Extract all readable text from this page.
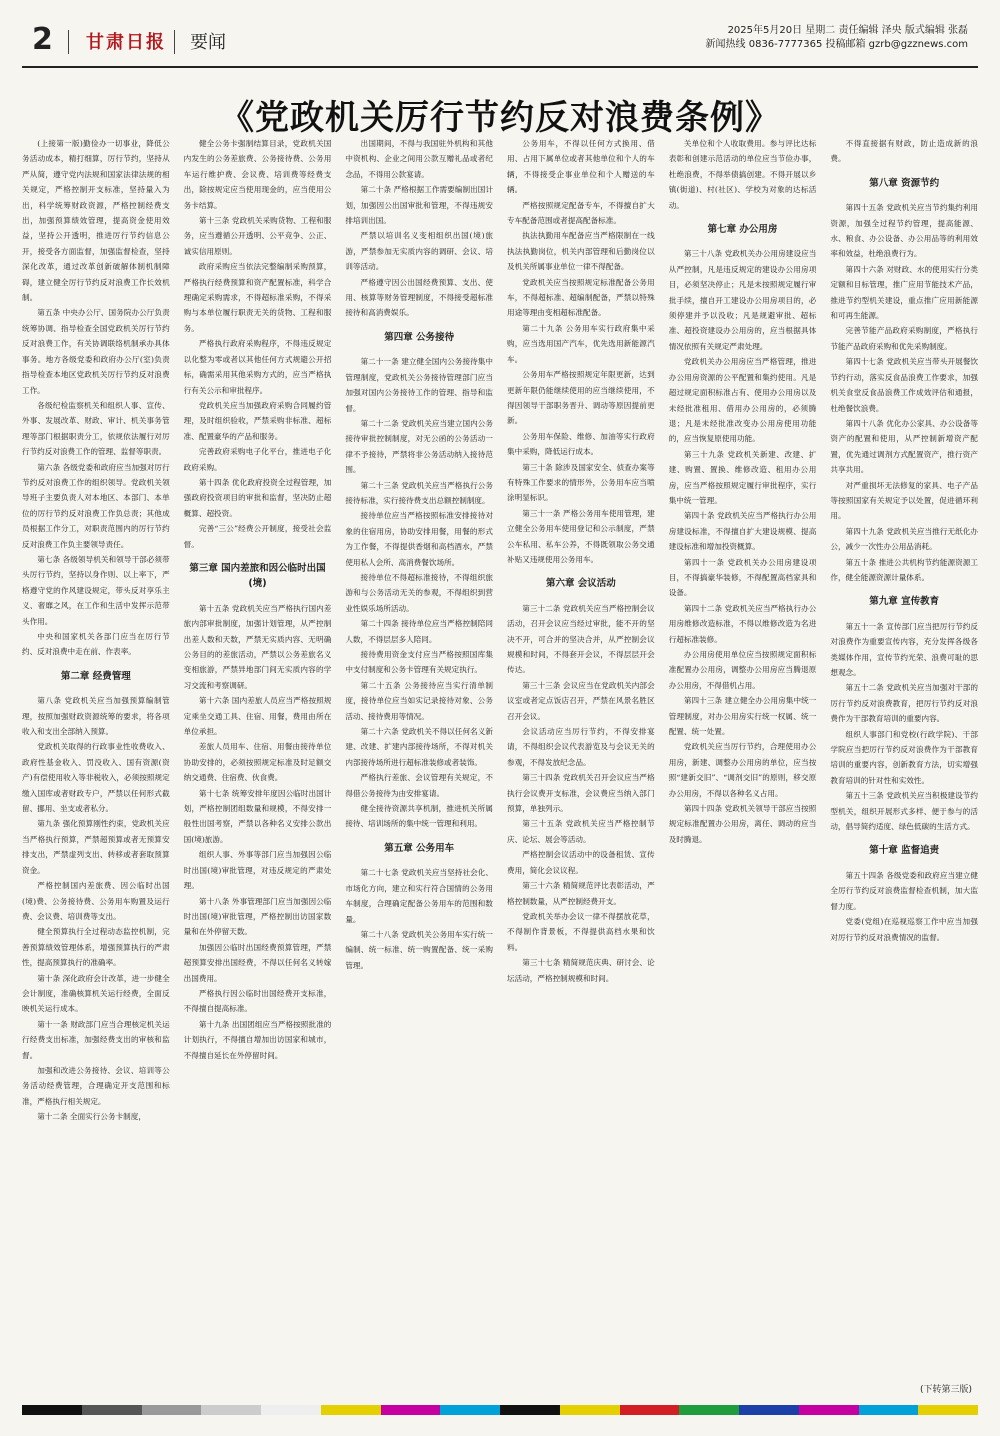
2 甘肃日报 要闻
2025年5月20日 星期二 责任编辑 泽央 版式编辑 张磊
新闻热线 0836-7777365 投稿邮箱 gzrb@gzznews.com
《党政机关厉行节约反对浪费条例》

(上接第一版)勤俭办一切事业，降低公务活动成本，精打细算，厉行节约，坚持从严从简，遵守党内法规和国家法律法规的相关规定，严格控制开支标准，坚持量入为出，科学统筹财政资源，严格控制经费支出，加强预算绩效管理，提高资金使用效益，坚持公开透明，推进厉行节约信息公开，接受各方面监督，加强监督检查，坚持深化改革，通过改革创新破解体制机制障碍，建立健全厉行节约反对浪费工作长效机制。

第五条 中央办公厅、国务院办公厅负责统筹协调、指导检查全国党政机关厉行节约反对浪费工作，有关协调联络机制承办具体事务。地方各级党委和政府办公厅(室)负责指导检查本地区党政机关厉行节约反对浪费工作。

各级纪检监察机关和组织人事、宣传、外事、发展改革、财政、审计、机关事务管理等部门根据职责分工，依规依法履行对厉行节约反对浪费工作的管理、监督等职责。

第六条 各级党委和政府应当加强对厉行节约反对浪费工作的组织领导。党政机关领导班子主要负责人对本地区、本部门、本单位的厉行节约反对浪费工作负总责；其他成员根据工作分工，对职责范围内的厉行节约反对浪费工作负主要领导责任。

第七条 各级领导机关和领导干部必须带头厉行节约，坚持以身作则、以上率下，严格遵守党的作风建设规定，带头反对享乐主义、奢靡之风，在工作和生活中发挥示范带头作用。

中央和国家机关各部门应当在厉行节约、反对浪费中走在前、作表率。

第二章 经费管理

第八条 党政机关应当加强预算编制管理，按照加强财政资源统筹的要求，将各项收入和支出全部纳入预算。

党政机关取得的行政事业性收费收入、政府性基金收入、罚没收入、国有资源(资产)有偿使用收入等非税收入，必须按照规定缴入国库或者财政专户，严禁以任何形式截留、挪用、坐支或者私分。

第九条 强化预算刚性约束，党政机关应当严格执行预算，严禁超预算或者无预算安排支出，严禁虚列支出、转移或者套取预算资金。

严格控制国内差旅费、因公临时出国(境)费、公务接待费、公务用车购置及运行费、会议费、培训费等支出。

健全预算执行全过程动态监控机制，完善预算绩效管理体系，增强预算执行的严肃性，提高预算执行的准确率。

第十条 深化政府会计改革，进一步健全会计制度，准确核算机关运行经费，全面反映机关运行成本。

第十一条 财政部门应当合理核定机关运行经费支出标准，加强经费支出的审核和监督。

加强和改进公务接待、会议、培训等公务活动经费管理，合理确定开支范围和标准，严格执行相关规定。

第十二条 全面实行公务卡制度，

健全公务卡强制结算目录，党政机关国内发生的公务差旅费、公务接待费、公务用车运行维护费、会议费、培训费等经费支出，除按规定应当使用现金的，应当使用公务卡结算。

第十三条 党政机关采购货物、工程和服务，应当遵循公开透明、公平竞争、公正、诚实信用原则。

政府采购应当依法完整编制采购预算，严格执行经费预算和资产配置标准，科学合理确定采购需求，不得超标准采购，不得采购与本单位履行职责无关的货物、工程和服务。

严格执行政府采购程序，不得违反规定以化整为零或者以其他任何方式规避公开招标，确需采用其他采购方式的，应当严格执行有关公示和审批程序。

党政机关应当加强政府采购合同履约管理，及时组织验收，严禁采购非标准、超标准、配置豪华的产品和服务。

完善政府采购电子化平台，推进电子化政府采购。

第十四条 优化政府投资全过程管理，加强政府投资项目的审批和监督，坚决防止超概算、超投资。

完善“三公”经费公开制度，接受社会监督。

第三章 国内差旅和因公临时出国(境)

第十五条 党政机关应当严格执行国内差旅内部审批制度，加强计划管理，从严控制出差人数和天数，严禁无实质内容、无明确公务目的的差旅活动，严禁以公务差旅名义变相旅游，严禁异地部门间无实质内容的学习交流和考察调研。

第十六条 国内差旅人员应当严格按照规定乘坐交通工具、住宿、用餐，费用由所在单位承担。

差旅人员用车、住宿、用餐由接待单位协助安排的，必须按照规定标准及时足额交纳交通费、住宿费、伙食费。

第十七条 统筹安排年度因公临时出国计划，严格控制团组数量和规模，不得安排一般性出国考察，严禁以各种名义安排公款出国(境)旅游。

组织人事、外事等部门应当加强因公临时出国(境)审批管理，对违反规定的严肃处理。

第十八条 外事管理部门应当加强因公临时出国(境)审批管理，严格控制出访国家数量和在外停留天数。

加强因公临时出国经费预算管理，严禁超预算安排出国经费，不得以任何名义转嫁出国费用。

严格执行因公临时出国经费开支标准，不得擅自提高标准。

第十九条 出国团组应当严格按照批准的计划执行，不得擅自增加出访国家和城市，不得擅自延长在外停留时间。

出国期间，不得与我国驻外机构和其他中资机构、企业之间用公款互赠礼品或者纪念品，不得用公款宴请。

第二十条 严格根据工作需要编制出国计划，加强因公出国审批和管理，不得违规安排培训出国。

严禁以培训名义变相组织出国(境)旅游，严禁参加无实质内容的调研、会议、培训等活动。

严格遵守因公出国经费预算、支出、使用、核算等财务管理制度，不得接受超标准接待和高消费娱乐。

第四章 公务接待

第二十一条 建立健全国内公务接待集中管理制度，党政机关公务接待管理部门应当加强对国内公务接待工作的管理、指导和监督。

第二十二条 党政机关应当建立国内公务接待审批控制制度，对无公函的公务活动一律不予接待，严禁将非公务活动纳入接待范围。

第二十三条 党政机关应当严格执行公务接待标准，实行接待费支出总额控制制度。

接待单位应当严格按照标准安排接待对象的住宿用房，协助安排用餐，用餐的形式为工作餐，不得提供香烟和高档酒水，严禁使用私人会所、高消费餐饮场所。

接待单位不得超标准接待，不得组织旅游和与公务活动无关的参观，不得组织到营业性娱乐场所活动。

第二十四条 接待单位应当严格控制陪同人数，不得层层多人陪同。

接待费用资金支付应当严格按照国库集中支付制度和公务卡管理有关规定执行。

第二十五条 公务接待应当实行清单制度，接待单位应当如实记录接待对象、公务活动、接待费用等情况。

第二十六条 党政机关不得以任何名义新建、改建、扩建内部接待场所，不得对机关内部接待场所进行超标准装修或者装饰。

严格执行差旅、会议管理有关规定，不得借公务接待为由安排宴请。

健全接待资源共享机制，推进机关所属接待、培训场所的集中统一管理和利用。

第五章 公务用车

第二十七条 党政机关应当坚持社会化、市场化方向，建立和实行符合国情的公务用车制度，合理确定配备公务用车的范围和数量。

第二十八条 党政机关公务用车实行统一编制、统一标准、统一购置配备、统一采购管理。

公务用车，不得以任何方式换用、借用、占用下属单位或者其他单位和个人的车辆，不得接受企事业单位和个人赠送的车辆。

严格按照规定配备专车，不得擅自扩大专车配备范围或者提高配备标准。

执法执勤用车配备应当严格限制在一线执法执勤岗位，机关内部管理和后勤岗位以及机关所属事业单位一律不得配备。

党政机关应当按照规定标准配备公务用车，不得超标准、超编制配备，严禁以特殊用途等理由变相超标准配备。

第二十九条 公务用车实行政府集中采购，应当选用国产汽车，优先选用新能源汽车。

公务用车严格按照规定年限更新，达到更新年限仍能继续使用的应当继续使用，不得因领导干部职务晋升、调动等原因提前更新。

公务用车保险、维修、加油等实行政府集中采购，降低运行成本。

第三十条 除涉及国家安全、侦查办案等有特殊工作要求的情形外，公务用车应当喷涂明显标识。

第三十一条 严格公务用车使用管理，建立健全公务用车使用登记和公示制度，严禁公车私用、私车公养，不得既领取公务交通补贴又违规使用公务用车。

第六章 会议活动

第三十二条 党政机关应当严格控制会议活动，召开会议应当经过审批，能不开的坚决不开，可合并的坚决合并，从严控制会议规模和时间，不得套开会议，不得层层开会传达。

第三十三条 会议应当在党政机关内部会议室或者定点饭店召开，严禁在风景名胜区召开会议。

会议活动应当厉行节约，不得安排宴请，不得组织会议代表游览及与会议无关的参观，不得发放纪念品。

第三十四条 党政机关召开会议应当严格执行会议费开支标准，会议费应当纳入部门预算，单独列示。

第三十五条 党政机关应当严格控制节庆、论坛、展会等活动。

严格控制会议活动中的设备租赁、宣传费用，简化会议议程。

第三十六条 精简规范评比表彰活动，严格控制数量，从严控制经费开支。

党政机关举办会议一律不得摆放花草，不得制作背景板，不得提供高档水果和饮料。

第三十七条 精简规范庆典、研讨会、论坛活动，严格控制规模和时间。

关单位和个人收取费用。参与评比达标表彰和创建示范活动的单位应当节俭办事，杜绝浪费，不得举债搞创建。不得开展以乡镇(街道)、村(社区)、学校为对象的达标活动。

第七章 办公用房

第三十八条 党政机关办公用房建设应当从严控制，凡是违反规定的建设办公用房项目，必须坚决停止；凡是未按照规定履行审批手续，擅自开工建设办公用房项目的，必须停建并予以没收；凡是规避审批、超标准、超投资建设办公用房的，应当根据具体情况依照有关规定严肃处理。

党政机关办公用房应当严格管理，推进办公用房资源的公平配置和集约使用。凡是超过规定面积标准占有、使用办公用房以及未经批准租用、借用办公用房的，必须腾退；凡是未经批准改变办公用房使用功能的，应当恢复原使用功能。

第三十九条 党政机关新建、改建、扩建、购置、置换、维修改造、租用办公用房，应当严格按照规定履行审批程序，实行集中统一管理。

第四十条 党政机关应当严格执行办公用房建设标准，不得擅自扩大建设规模、提高建设标准和增加投资概算。

第四十一条 党政机关办公用房建设项目，不得搞豪华装修，不得配置高档家具和设备。

第四十二条 党政机关应当严格执行办公用房维修改造标准，不得以维修改造为名进行超标准装修。

办公用房使用单位应当按照规定面积标准配置办公用房，调整办公用房应当腾退原办公用房，不得借机占用。

第四十三条 建立健全办公用房集中统一管理制度，对办公用房实行统一权属、统一配置、统一处置。

党政机关应当厉行节约，合理使用办公用房，新建、调整办公用房的单位，应当按照“建新交旧”、“调剂交旧”的原则，移交原办公用房，不得以各种名义占用。

第四十四条 党政机关领导干部应当按照规定标准配置办公用房，离任、调动的应当及时腾退。

不得直接据有财政，防止造成新的浪费。

第八章 资源节约

第四十五条 党政机关应当节约集约利用资源，加强全过程节约管理，提高能源、水、粮食、办公设备、办公用品等的利用效率和效益，杜绝浪费行为。

第四十六条 对财政、水的使用实行分类定额和目标管理，推广应用节能技术产品，推进节约型机关建设，重点推广应用新能源和可再生能源。

完善节能产品政府采购制度，严格执行节能产品政府采购和优先采购制度。

第四十七条 党政机关应当带头开展餐饮节约行动，落实反食品浪费工作要求，加强机关食堂反食品浪费工作成效评估和通报，杜绝餐饮浪费。

第四十八条 优化办公家具、办公设备等资产的配置和使用，从严控制新增资产配置，优先通过调剂方式配置资产，推行资产共享共用。

对严重损坏无法修复的家具、电子产品等按照国家有关规定予以处置，促进循环利用。

第四十九条 党政机关应当推行无纸化办公，减少一次性办公用品消耗。

第五十条 推进公共机构节约能源资源工作，健全能源资源计量体系。

第九章 宣传教育

第五十一条 宣传部门应当把厉行节约反对浪费作为重要宣传内容，充分发挥各级各类媒体作用，宣传节约光荣、浪费可耻的思想观念。

第五十二条 党政机关应当加强对干部的厉行节约反对浪费教育，把厉行节约反对浪费作为干部教育培训的重要内容。

组织人事部门和党校(行政学院)、干部学院应当把厉行节约反对浪费作为干部教育培训的重要内容，创新教育方法，切实增强教育培训的针对性和实效性。

第五十三条 党政机关应当积极建设节约型机关，组织开展形式多样、便于参与的活动，倡导简约适度、绿色低碳的生活方式。

第十章 监督追责

第五十四条 各级党委和政府应当建立健全厉行节约反对浪费监督检查机制，加大监督力度。

党委(党组)在巡视巡察工作中应当加强对厉行节约反对浪费情况的监督。

(下转第三版)
